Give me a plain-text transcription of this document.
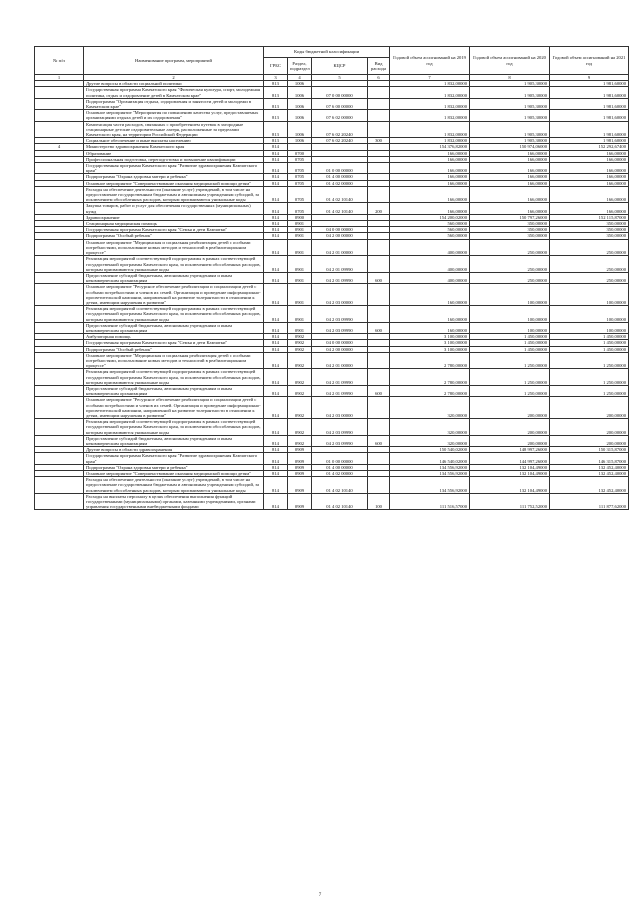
№ п/п	Наименование программ, мероприятий	Коды бюджетной классификации				Годовой объем ассигнований на 2019 год	Годовой объем ассигнований на 2020 год	Годовой объем ассигнований на 2021 год
		ГРБС	Раздел, подраздел	КЦСР	Вид расхода			
1	2	3	4	5	6	7	8	9
	Другие вопросы в области социальной политики	813	1006			1 832,00000	1 905,30000	1 981,60000
	Государственная программа Камчатского края "Физическая культура, спорт, молодежная политика, отдых и оздоровление детей в Камчатском крае"	813	1006	07 0 00 00000		1 832,00000	1 905,30000	1 981,60000
	Подпрограмма "Организация отдыха, оздоровления и занятости детей и молодежи в Камчатском крае"	813	1006	07 6 00 00000		1 832,00000	1 905,30000	1 981,60000
	Основное мероприятие "Мероприятия по повышению качества услуг, предоставляемых организациями отдыха детей и их оздоровления"	813	1006	07 6 02 00000		1 832,00000	1 905,30000	1 981,60000
	Компенсация части расходов, связанных с приобретением путевок в загородные стационарные детские оздоровительные лагеря, расположенные за пределами Камчатского края, на территории Российской Федерации	813	1006	07 6 02 20240		1 832,00000	1 905,30000	1 981,60000
	Социальное обеспечение и иные выплаты населению	813	1006	07 6 02 20240	300	1 832,00000	1 905,30000	1 981,60000
4	Министерство здравоохранения Камчатского края	814				154 376,82000	150 974,06000	152 292,67400
	Образование	814	0700			166,00000	166,00000	166,00000
	Профессиональная подготовка, переподготовка и повышение квалификации	814	0705			166,00000	166,00000	166,00000
	Государственная программа Камчатского края "Развитие здравоохранения Камчатского края"	814	0705	01 0 00 00000		166,00000	166,00000	166,00000
	Подпрограмма "Охрана здоровья матери и ребенка"	814	0705	01 4 00 00000		166,00000	166,00000	166,00000
	Основное мероприятие "Совершенствование оказания медицинской помощи детям"	814	0705	01 4 02 00000		166,00000	166,00000	166,00000
	Расходы на обеспечение деятельности (оказание услуг) учреждений, в том числе на предоставление государственным бюджетным и автономным учреждениям субсидий, за исключением обособленных расходов, которым присваиваются уникальные коды	814	0705	01 4 02 10140		166,00000	166,00000	166,00000
	Закупка товаров, работ и услуг для обеспечения государственных (муниципальных) нужд	814	0705	01 4 02 10140	200	166,00000	166,00000	166,00000
	Здравоохранение	814	0900			154 200,02000	150 797,26000	152 115,87000
	Стационарная медицинская помощь	814	0901			560,00000	350,00000	350,00000
	Государственная программа Камчатского края "Семья и дети Камчатки"	814	0901	04 0 00 00000		560,00000	350,00000	350,00000
	Подпрограмма "Особый ребенок"	814	0901	04 2 00 00000		560,00000	350,00000	350,00000
	Основное мероприятие "Медицинская и социальная реабилитация детей с особыми потребностями, использование новых методов и технологий в реабилитационном процессе"	814	0901	04 2 01 00000		400,00000	250,00000	250,00000
	Реализация мероприятий соответствующей подпрограммы в рамках соответствующей государственной программы Камчатского края, за исключением обособленных расходов, которым присваиваются уникальные коды	814	0901	04 2 01 09990		400,00000	250,00000	250,00000
	Предоставление субсидий бюджетным, автономным учреждениям и иным некоммерческим организациям	814	0901	04 2 01 09990	600	400,00000	250,00000	250,00000
	Основное мероприятие "Ресурсное обеспечение реабилитации и социализации детей с особыми потребностями и членов их семей. Организация и проведение информационно-просветительской кампании, направленной на развитие толерантности в отношении к детям, имеющим нарушения в развитии"	814	0901	04 2 03 00000		160,00000	100,00000	100,00000
	Реализация мероприятий соответствующей подпрограммы в рамках соответствующей государственной программы Камчатского края, за исключением обособленных расходов, которым присваиваются уникальные коды	814	0901	04 2 03 09990		160,00000	100,00000	100,00000
	Предоставление субсидий бюджетным, автономным учреждениям и иным некоммерческим организациям	814	0901	04 2 03 09990	600	160,00000	100,00000	100,00000
	Амбулаторная помощь	814	0902			3 100,00000	1 450,00000	1 450,00000
	Государственная программа Камчатского края "Семья и дети Камчатки"	814	0902	04 0 00 00000		3 100,00000	1 450,00000	1 450,00000
	Подпрограмма "Особый ребенок"	814	0902	04 2 00 00000		3 100,00000	1 450,00000	1 450,00000
	Основное мероприятие "Медицинская и социальная реабилитация детей с особыми потребностями, использование новых методов и технологий в реабилитационном процессе"	814	0902	04 2 01 00000		2 780,00000	1 250,00000	1 250,00000
	Реализация мероприятий соответствующей подпрограммы в рамках соответствующей государственной программы Камчатского края, за исключением обособленных расходов, которым присваиваются уникальные коды	814	0902	04 2 01 09990		2 780,00000	1 250,00000	1 250,00000
	Предоставление субсидий бюджетным, автономным учреждениям и иным некоммерческим организациям	814	0902	04 2 01 09990	600	2 780,00000	1 250,00000	1 250,00000
	Основное мероприятие "Ресурсное обеспечение реабилитации и социализации детей с особыми потребностями и членов их семей. Организация и проведение информационно-просветительской кампании, направленной на развитие толерантности в отношении к детям, имеющим нарушения в развитии"	814	0902	04 2 03 00000		320,00000	200,00000	200,00000
	Реализация мероприятий соответствующей подпрограммы в рамках соответствующей государственной программы Камчатского края, за исключением обособленных расходов, которым присваиваются уникальные коды	814	0902	04 2 03 09990		320,00000	200,00000	200,00000
	Предоставление субсидий бюджетным, автономным учреждениям и иным некоммерческим организациям	814	0902	04 2 03 09990	600	320,00000	200,00000	200,00000
	Другие вопросы в области здравоохранения	814	0909			150 540,02000	148 997,26000	150 315,87000
	Государственная программа Камчатского края "Развитие здравоохранения Камчатского края"	814	0909	01 0 00 00000		146 540,02000	144 997,26000	146 315,87000
	Подпрограмма "Охрана здоровья матери и ребенка"	814	0909	01 4 00 00000		134 556,92000	132 104,49000	132 452,40000
	Основное мероприятие "Совершенствование оказания медицинской помощи детям"	814	0909	01 4 02 00000		134 556,92000	132 104,49000	132 452,40000
	Расходы на обеспечение деятельности (оказание услуг) учреждений, в том числе на предоставление государственным бюджетным и автономным учреждениям субсидий, за исключением обособленных расходов, которым присваиваются уникальные коды	814	0909	01 4 02 10140		134 556,92000	132 104,49000	132 452,40000
	Расходы на выплаты персоналу в целях обеспечения выполнения функций государственными (муниципальными) органами, казенными учреждениями, органами управления государственными внебюджетными фондами	814	0909	01 4 02 10140	100	111 516,57000	111 752,52000	111 877,62000
7
